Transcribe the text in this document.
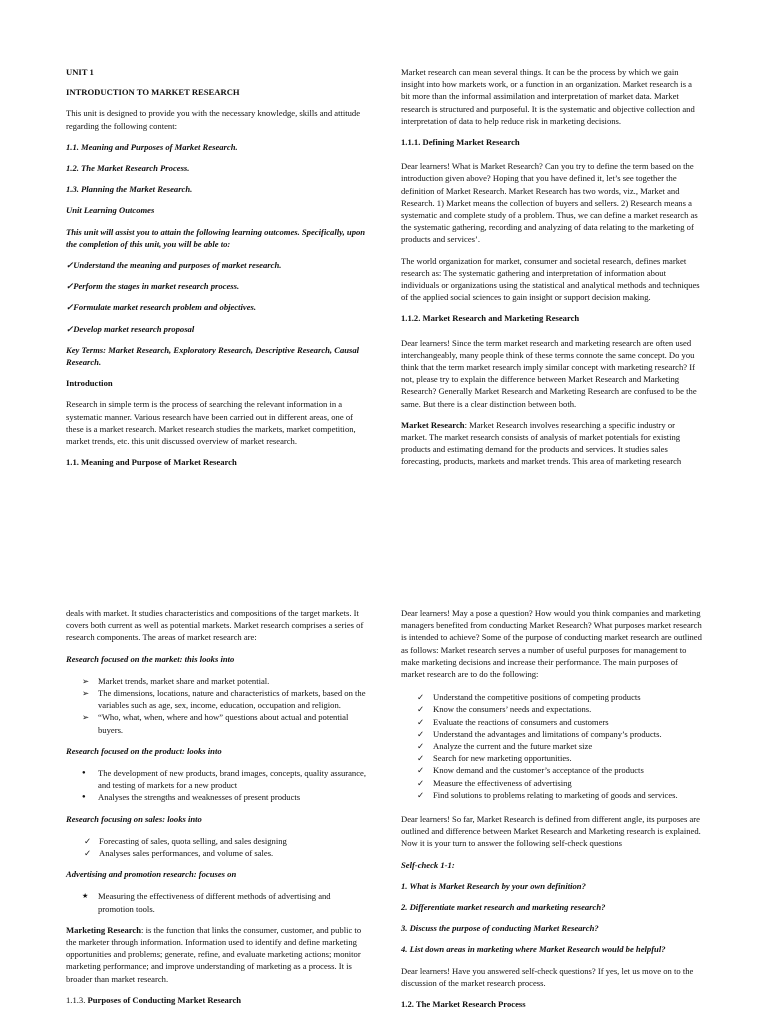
UNIT 1

INTRODUCTION TO MARKET RESEARCH

This unit is designed to provide you with the necessary knowledge, skills and attitude regarding the following content:

1.1. Meaning and Purposes of Market Research.

1.2. The Market Research Process.

1.3. Planning the Market Research.

Unit Learning Outcomes

This unit will assist you to attain the following learning outcomes. Specifically, upon the completion of this unit, you will be able to:

✓Understand the meaning and purposes of market research.

✓Perform the stages in market research process.

✓Formulate market research problem and objectives.

✓Develop market research proposal

Key Terms: Market Research, Exploratory Research, Descriptive Research, Causal Research.

Introduction

Research in simple term is the process of searching the relevant information in a systematic manner. Various research have been carried out in different areas, one of these is a market research. Market research studies the markets, market competition, market trends, etc. this unit discussed overview of market research.

1.1. Meaning and Purpose of Market Research

Market research can mean several things. It can be the process by which we gain insight into how markets work, or a function in an organization. Market research is a bit more than the informal assimilation and interpretation of market data. Market research is structured and purposeful. It is the systematic and objective collection and interpretation of data to help reduce risk in marketing decisions.

1.1.1. Defining Market Research

Dear learners! What is Market Research? Can you try to define the term based on the introduction given above? Hoping that you have defined it, let’s see together the definition of Market Research. Market Research has two words, viz., Market and Research. 1) Market means the collection of buyers and sellers. 2) Research means a systematic and complete study of a problem. Thus, we can define a market research as the systematic gathering, recording and analyzing of data relating to the marketing of products and services’.

The world organization for market, consumer and societal research, defines market research as: The systematic gathering and interpretation of information about individuals or organizations using the statistical and analytical methods and techniques of the applied social sciences to gain insight or support decision making.

1.1.2. Market Research and Marketing Research

Dear learners! Since the term market research and marketing research are often used interchangeably, many people think of these terms connote the same concept. Do you think that the term market research imply similar concept with marketing research? If not, please try to explain the difference between Market Research and Marketing Research? Generally Market Research and Marketing Research are confused to be the same. But there is a clear distinction between both.

Market Research: Market Research involves researching a specific industry or market. The market research consists of analysis of market potentials for existing products and estimating demand for the products and services. It studies sales forecasting, products, markets and market trends. This area of marketing research

deals with market. It studies characteristics and compositions of the target markets. It covers both current as well as potential markets. Market research comprises a series of research components. The areas of market research are:

Research focused on the market: this looks into

➢ Market trends, market share and market potential.
➢ The dimensions, locations, nature and characteristics of markets, based on the variables such as age, sex, income, education, occupation and religion.
➢ “Who, what, when, where and how” questions about actual and potential buyers.

Research focused on the product: looks into

● The development of new products, brand images, concepts, quality assurance, and testing of markets for a new product
● Analyses the strengths and weaknesses of present products

Research focusing on sales: looks into

✓ Forecasting of sales, quota selling, and sales designing
✓ Analyses sales performances, and volume of sales.

Advertising and promotion research: focuses on

★ Measuring the effectiveness of different methods of advertising and promotion tools.

Marketing Research: is the function that links the consumer, customer, and public to the marketer through information. Information used to identify and define marketing opportunities and problems; generate, refine, and evaluate marketing actions; monitor marketing performance; and improve understanding of marketing as a process. It is broader than market research.

1.1.3. Purposes of Conducting Market Research

Dear learners! May a pose a question? How would you think companies and marketing managers benefited from conducting Market Research? What purposes market research is intended to achieve? Some of the purpose of conducting market research are outlined as follows: Market research serves a number of useful purposes for management to make marketing decisions and increase their performance. The main purposes of market research are to do the following:

✓ Understand the competitive positions of competing products
✓ Know the consumers’ needs and expectations.
✓ Evaluate the reactions of consumers and customers
✓ Understand the advantages and limitations of company’s products.
✓ Analyze the current and the future market size
✓ Search for new marketing opportunities.
✓ Know demand and the customer’s acceptance of the products
✓ Measure the effectiveness of advertising
✓ Find solutions to problems relating to marketing of goods and services.

Dear learners! So far, Market Research is defined from different angle, its purposes are outlined and difference between Market Research and Marketing research is explained. Now it is your turn to answer the following self-check questions

Self-check 1-1:

1. What is Market Research by your own definition?

2. Differentiate market research and marketing research?

3. Discuss the purpose of conducting Market Research?

4. List down areas in marketing where Market Research would be helpful?

Dear learners! Have you answered self-check questions? If yes, let us move on to the discussion of the market research process.

1.2. The Market Research Process
